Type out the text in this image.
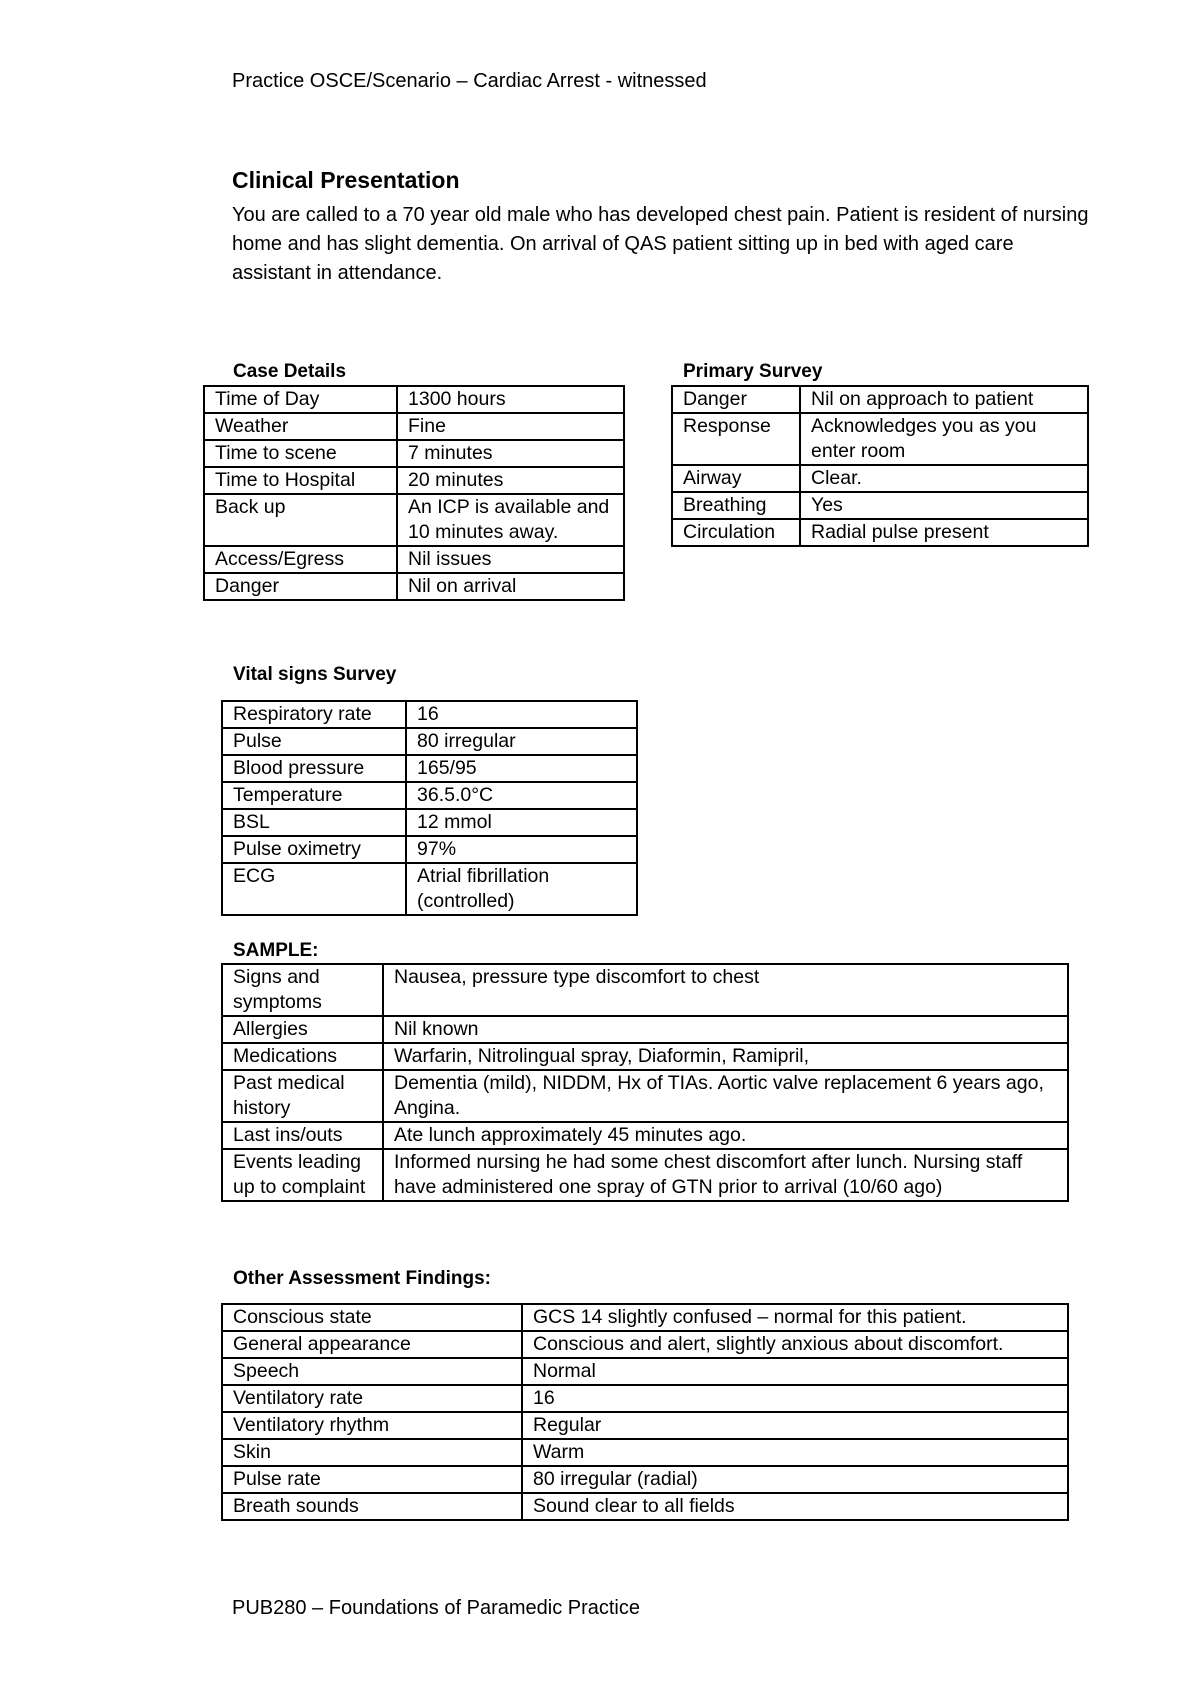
Practice OSCE/Scenario – Cardiac Arrest - witnessed
Clinical Presentation

You are called to a 70 year old male who has developed chest pain. Patient is resident of nursing home and has slight dementia. On arrival of QAS patient sitting up in bed with aged care assistant in attendance.

Case Details
Time of Day	1300 hours
Weather	Fine
Time to scene	7 minutes
Time to Hospital	20 minutes
Back up	An ICP is available and 10 minutes away.
Access/Egress	Nil issues
Danger	Nil on arrival
Primary Survey
Danger	Nil on approach to patient
Response	Acknowledges you as you enter room
Airway	Clear.
Breathing	Yes
Circulation	Radial pulse present
Vital signs Survey
Respiratory rate	16
Pulse	80 irregular
Blood pressure	165/95
Temperature	36.5.0°C
BSL	12 mmol
Pulse oximetry	97%
ECG	Atrial fibrillation (controlled)
SAMPLE:
Signs and symptoms	Nausea, pressure type discomfort to chest
Allergies	Nil known
Medications	Warfarin, Nitrolingual spray, Diaformin, Ramipril,
Past medical history	Dementia (mild), NIDDM, Hx of TIAs. Aortic valve replacement 6 years ago, Angina.
Last ins/outs	Ate lunch approximately 45 minutes ago.
Events leading up to complaint	Informed nursing he had some chest discomfort after lunch. Nursing staff have administered one spray of GTN prior to arrival (10/60 ago)
Other Assessment Findings:
Conscious state	GCS 14 slightly confused – normal for this patient.
General appearance	Conscious and alert, slightly anxious about discomfort.
Speech	Normal
Ventilatory rate	16
Ventilatory rhythm	Regular
Skin	Warm
Pulse rate	80 irregular (radial)
Breath sounds	Sound clear to all fields
PUB280 – Foundations of Paramedic Practice
